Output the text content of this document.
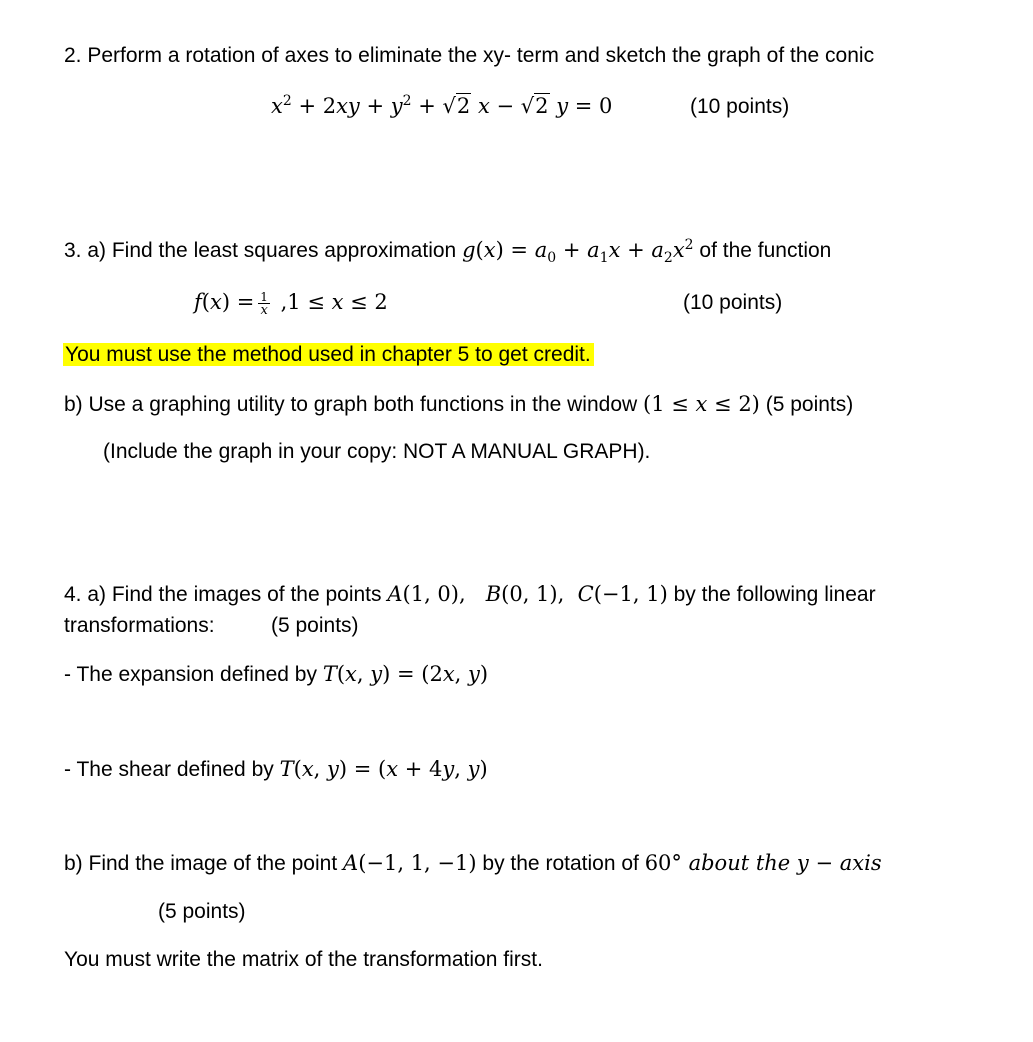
2. Perform a rotation of axes to eliminate the xy- term and sketch the graph of the conic
$x^2 + 2xy + y^2 + √2$ x − √2 y = 0	(10 points)
3. a) Find the least squares approximation $g(x) = a_0 + a_1x + a_2x^2$ of the function
$f(x) = \frac{1}{x} ,1 \le x \le 2$	(10 points)
You must use the method used in chapter 5 to get credit.
b) Use a graphing utility to graph both functions in the window (1 ≤ x ≤ 2) (5 points)
(Include the graph in your copy: NOT A MANUAL GRAPH).
4. a) Find the images of the points A(1, 0),   B(0, 1),  C(−1, 1) by the following linear
transformations:	(5 points)
- The expansion defined by T(x, y) = (2x, y)
- The shear defined by T(x, y) = (x + 4y, y)
b) Find the image of the point A(−1, 1, −1) by the rotation of 60° about the y − axis
(5 points)
You must write the matrix of the transformation first.
